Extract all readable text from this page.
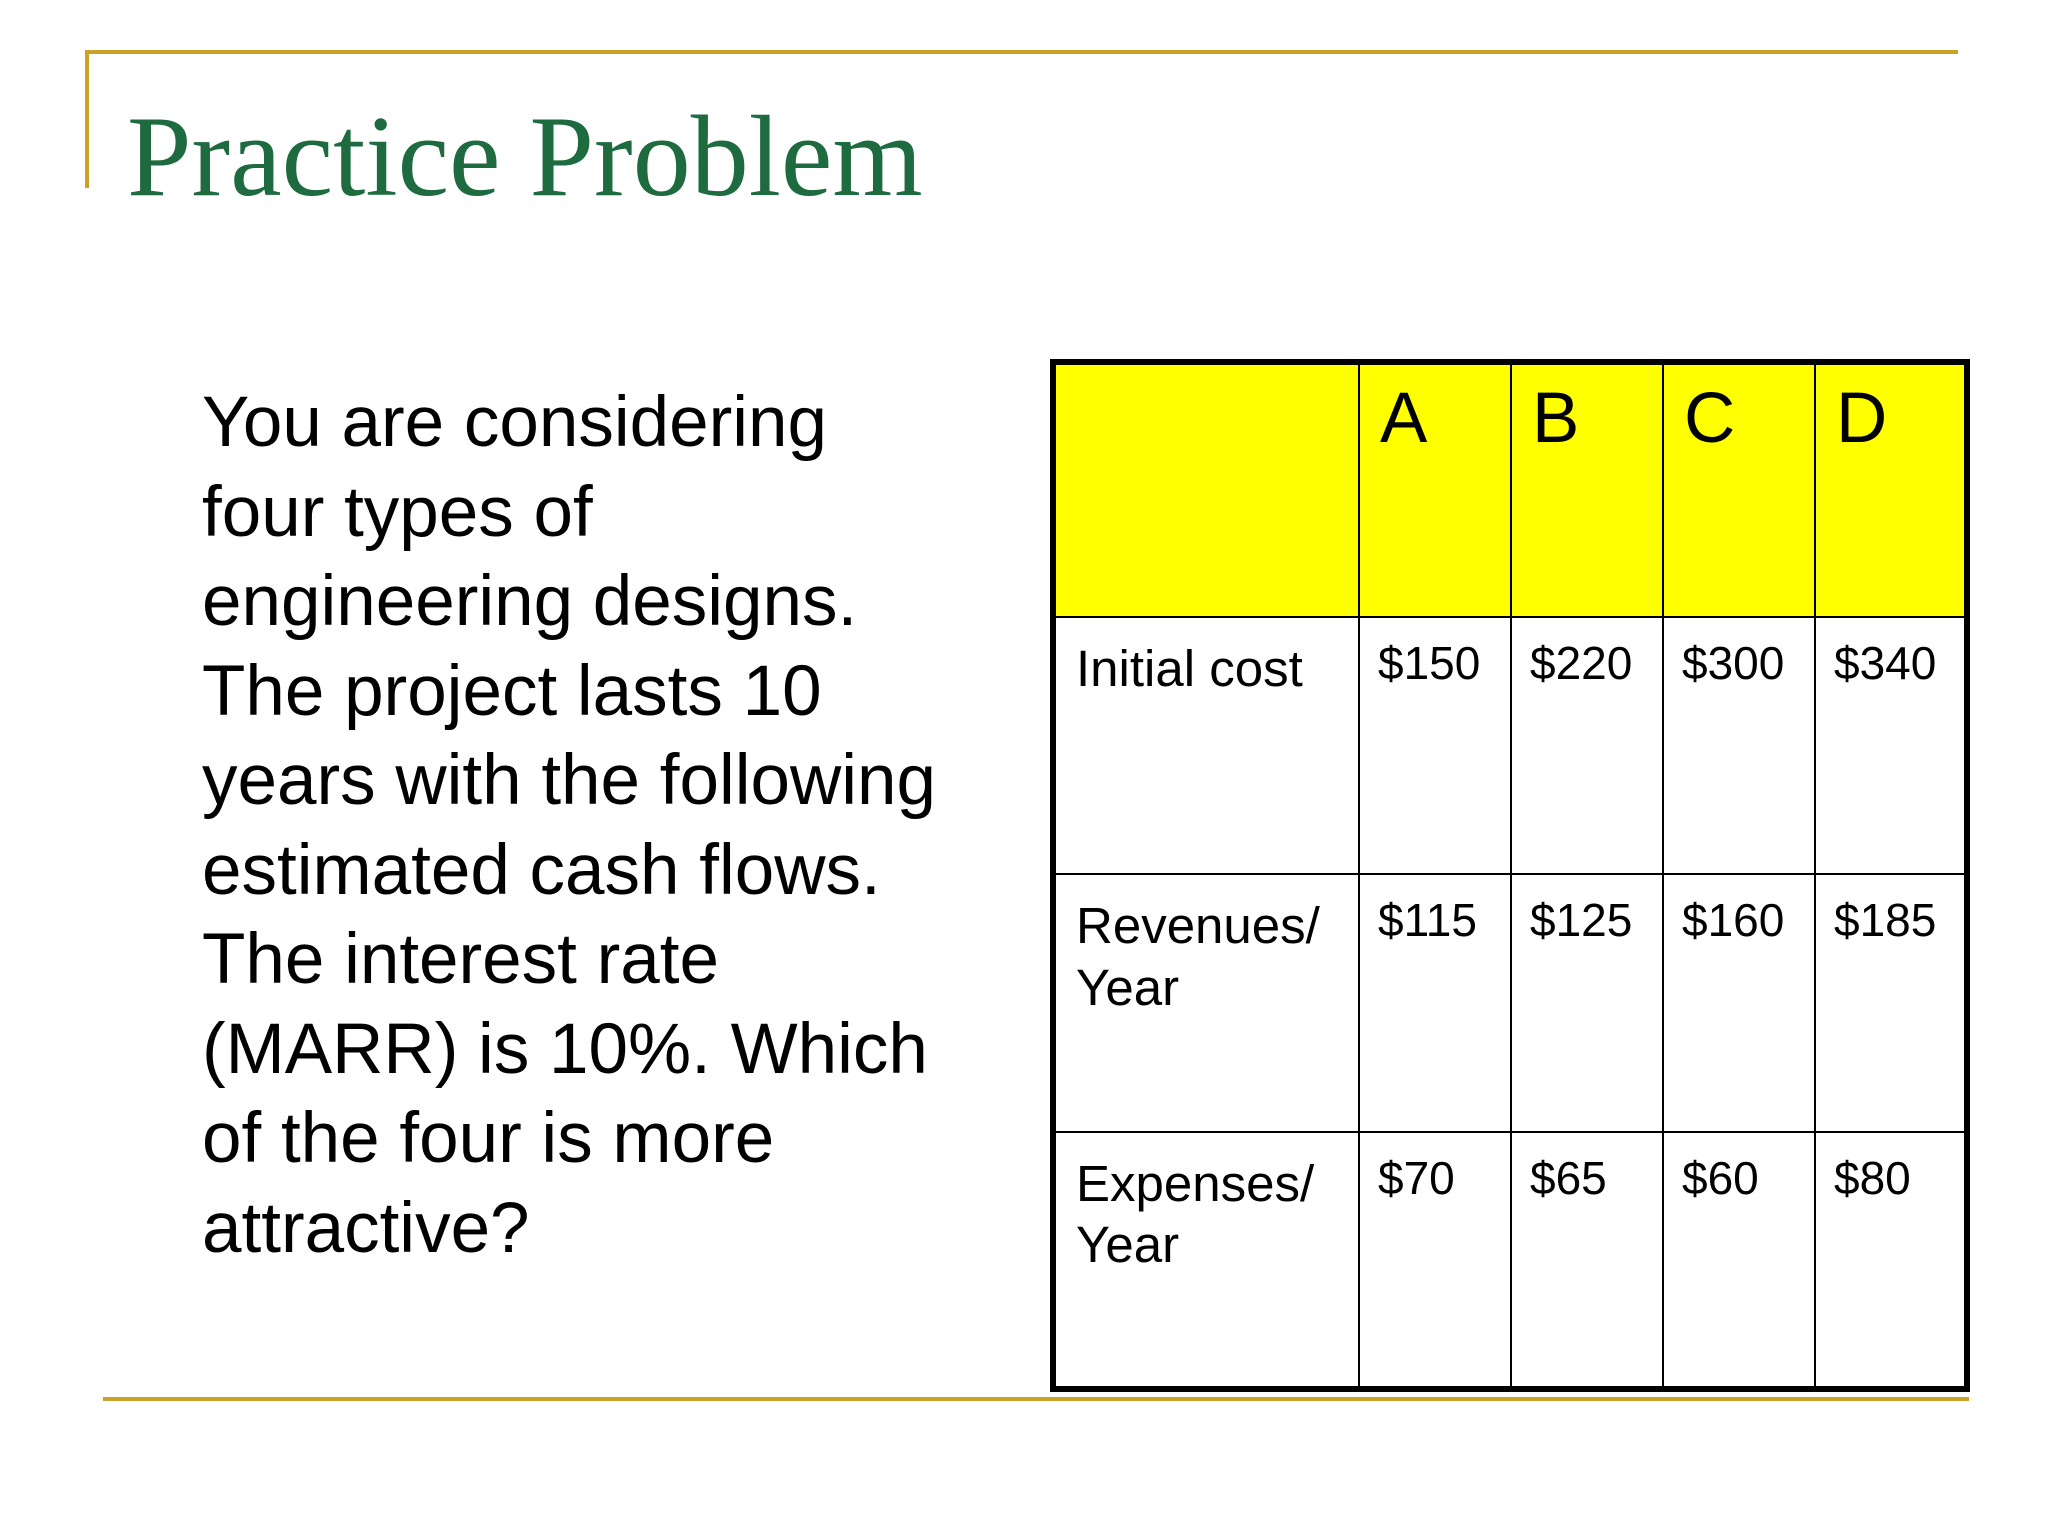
Practice Problem

You are considering
four types of
engineering designs.
The project lasts 10
years with the following
estimated cash flows.
The interest rate
(MARR) is 10%. Which
of the four is more
attractive?

	A	B	C	D
Initial cost	$150	$220	$300	$340
Revenues/
Year	$115	$125	$160	$185
Expenses/
Year	$70	$65	$60	$80
